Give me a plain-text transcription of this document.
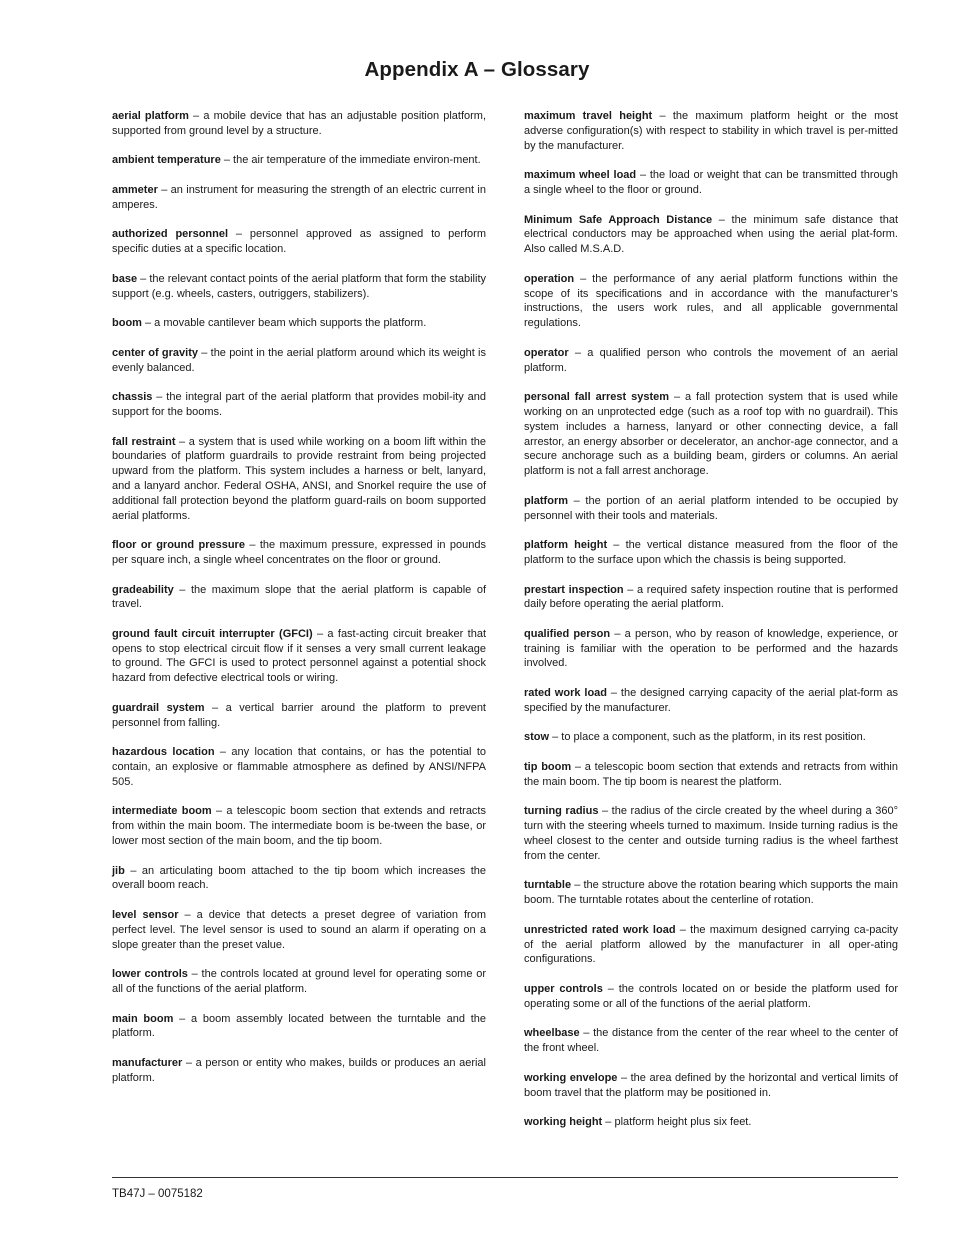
Appendix A – Glossary

aerial platform – a mobile device that has an adjustable position platform, supported from ground level by a structure.

ambient temperature – the air temperature of the immediate environ-ment.

ammeter – an instrument for measuring the strength of an electric current in amperes.

authorized personnel – personnel approved as assigned to perform specific duties at a specific location.

base – the relevant contact points of the aerial platform that form the stability support (e.g. wheels, casters, outriggers, stabilizers).

boom – a movable cantilever beam which supports the platform.

center of gravity – the point in the aerial platform around which its weight is evenly balanced.

chassis – the integral part of the aerial platform that provides mobil-ity and support for the booms.

fall restraint – a system that is used while working on a boom lift within the boundaries of platform guardrails to provide restraint from being projected upward from the platform. This system includes a harness or belt, lanyard, and a lanyard anchor. Federal OSHA, ANSI, and Snorkel require the use of additional fall protection beyond the platform guard-rails on boom supported aerial platforms.

floor or ground pressure – the maximum pressure, expressed in pounds per square inch, a single wheel concentrates on the floor or ground.

gradeability – the maximum slope that the aerial platform is capable of travel.

ground fault circuit interrupter (GFCI) – a fast-acting circuit breaker that opens to stop electrical circuit flow if it senses a very small current leakage to ground. The GFCI is used to protect personnel against a potential shock hazard from defective electrical tools or wiring.

guardrail system – a vertical barrier around the platform to prevent personnel from falling.

hazardous location – any location that contains, or has the potential to contain, an explosive or flammable atmosphere as defined by ANSI/NFPA 505.

intermediate boom – a telescopic boom section that extends and retracts from within the main boom. The intermediate boom is be-tween the base, or lower most section of the main boom, and the tip boom.

jib – an articulating boom attached to the tip boom which increases the overall boom reach.

level sensor – a device that detects a preset degree of variation from perfect level. The level sensor is used to sound an alarm if operating on a slope greater than the preset value.

lower controls – the controls located at ground level for operating some or all of the functions of the aerial platform.

main boom – a boom assembly located between the turntable and the platform.

manufacturer – a person or entity who makes, builds or produces an aerial platform.

maximum travel height – the maximum platform height or the most adverse configuration(s) with respect to stability in which travel is per-mitted by the manufacturer.

maximum wheel load – the load or weight that can be transmitted through a single wheel to the floor or ground.

Minimum Safe Approach Distance – the minimum safe distance that electrical conductors may be approached when using the aerial plat-form. Also called M.S.A.D.

operation – the performance of any aerial platform functions within the scope of its specifications and in accordance with the manufacturer’s instructions, the users work rules, and all applicable governmental regulations.

operator – a qualified person who controls the movement of an aerial platform.

personal fall arrest system – a fall protection system that is used while working on an unprotected edge (such as a roof top with no guardrail). This system includes a harness, lanyard or other connecting device, a fall arrestor, an energy absorber or decelerator, an anchor-age connector, and a secure anchorage such as a building beam, girders or columns. An aerial platform is not a fall arrest anchorage.

platform – the portion of an aerial platform intended to be occupied by personnel with their tools and materials.

platform height – the vertical distance measured from the floor of the platform to the surface upon which the chassis is being supported.

prestart inspection – a required safety inspection routine that is performed daily before operating the aerial platform.

qualified person – a person, who by reason of knowledge, experience, or training is familiar with the operation to be performed and the hazards involved.

rated work load – the designed carrying capacity of the aerial plat-form as specified by the manufacturer.

stow – to place a component, such as the platform, in its rest position.

tip boom – a telescopic boom section that extends and retracts from within the main boom. The tip boom is nearest the platform.

turning radius – the radius of the circle created by the wheel during a 360° turn with the steering wheels turned to maximum. Inside turning radius is the wheel closest to the center and outside turning radius is the wheel farthest from the center.

turntable – the structure above the rotation bearing which supports the main boom. The turntable rotates about the centerline of rotation.

unrestricted rated work load – the maximum designed carrying ca-pacity of the aerial platform allowed by the manufacturer in all oper-ating configurations.

upper controls – the controls located on or beside the platform used for operating some or all of the functions of the aerial platform.

wheelbase – the distance from the center of the rear wheel to the center of the front wheel.

working envelope – the area defined by the horizontal and vertical limits of boom travel that the platform may be positioned in.

working height – platform height plus six feet.

TB47J – 0075182
